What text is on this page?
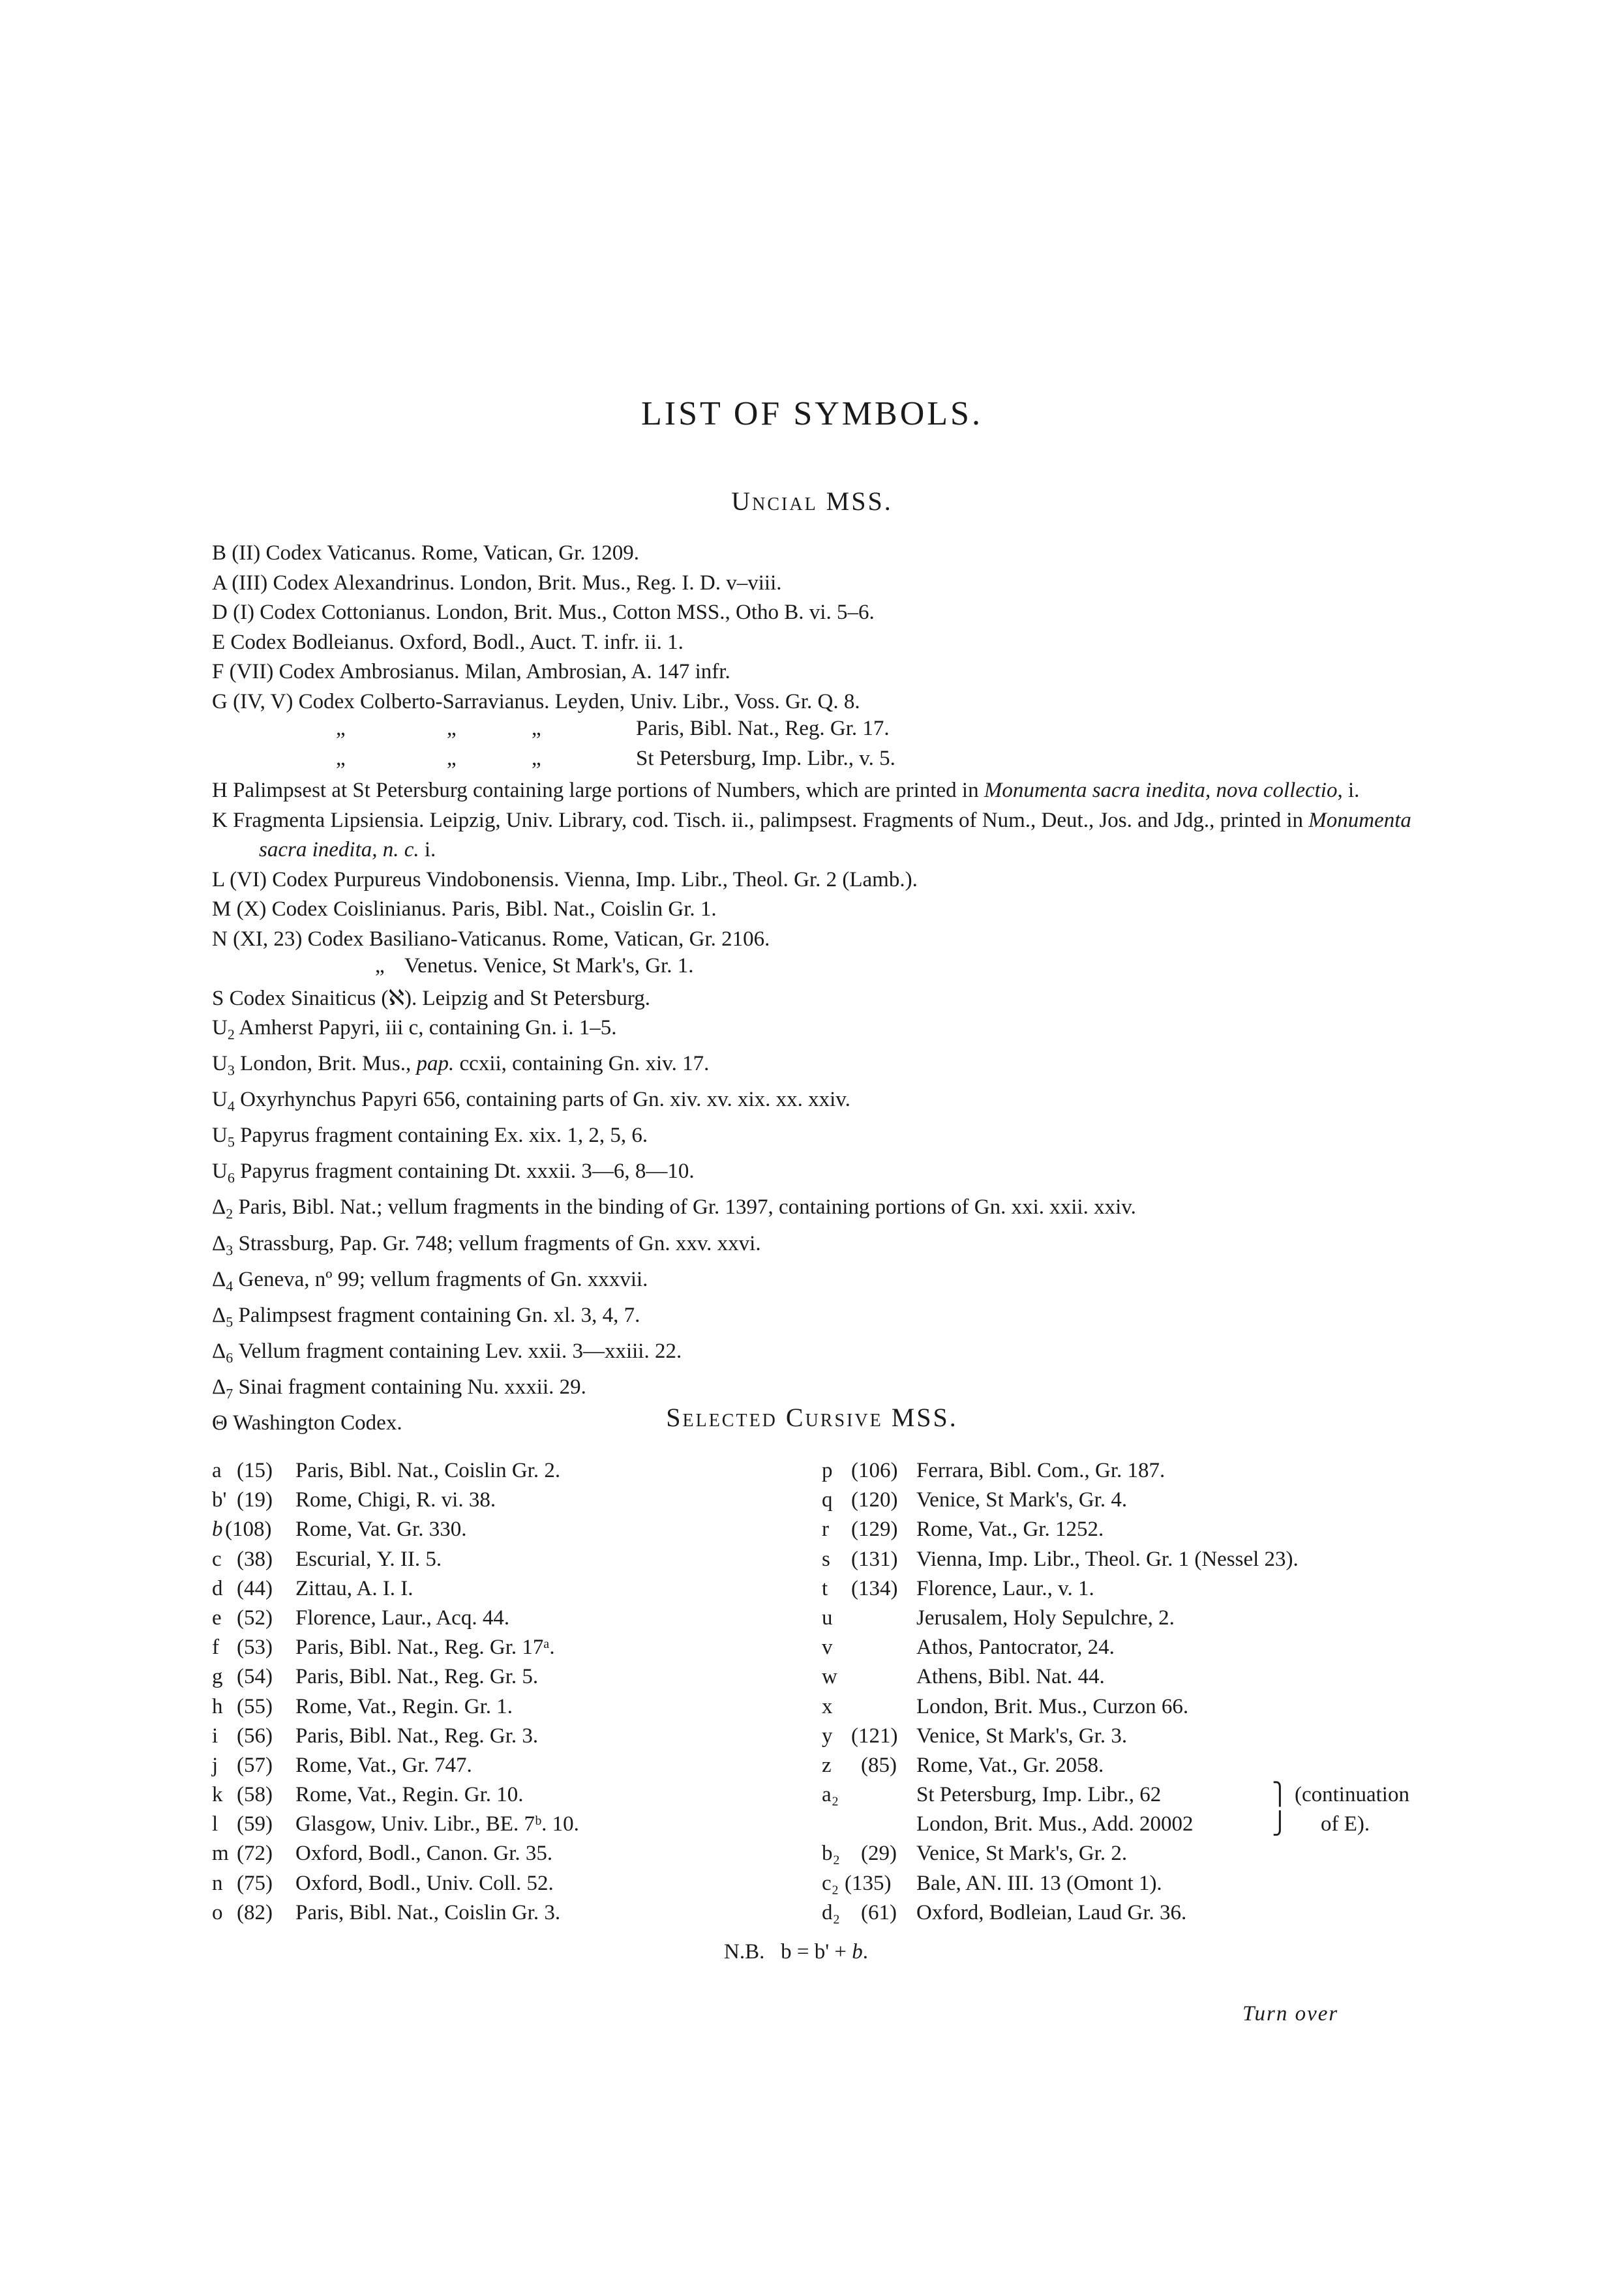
LIST OF SYMBOLS.
Uncial MSS.
B (II) Codex Vaticanus. Rome, Vatican, Gr. 1209.
A (III) Codex Alexandrinus. London, Brit. Mus., Reg. I. D. v–viii.
D (I) Codex Cottonianus. London, Brit. Mus., Cotton MSS., Otho B. vi. 5–6.
E Codex Bodleianus. Oxford, Bodl., Auct. T. infr. ii. 1.
F (VII) Codex Ambrosianus. Milan, Ambrosian, A. 147 infr.
G (IV, V) Codex Colberto-Sarravianus. Leyden, Univ. Libr., Voss. Gr. Q. 8.
„	„	„	Paris, Bibl. Nat., Reg. Gr. 17.
„	„	„	St Petersburg, Imp. Libr., v. 5.
H Palimpsest at St Petersburg containing large portions of Numbers, which are printed in Monumenta sacra inedita, nova collectio, i.
K Fragmenta Lipsiensia. Leipzig, Univ. Library, cod. Tisch. ii., palimpsest. Fragments of Num., Deut., Jos. and Jdg., printed in Monumenta sacra inedita, n. c. i.
L (VI) Codex Purpureus Vindobonensis. Vienna, Imp. Libr., Theol. Gr. 2 (Lamb.).
M (X) Codex Coislinianus. Paris, Bibl. Nat., Coislin Gr. 1.
N (XI, 23) Codex Basiliano-Vaticanus. Rome, Vatican, Gr. 2106.
„ Venetus. Venice, St Mark's, Gr. 1.
S Codex Sinaiticus (ℵ). Leipzig and St Petersburg.
$U_2$ Amherst Papyri, iii c, containing Gn. i. 1–5.
$U_3$ London, Brit. Mus., pap. ccxii, containing Gn. xiv. 17.
$U_4$ Oxyrhynchus Papyri 656, containing parts of Gn. xiv. xv. xix. xx. xxiv.
$U_5$ Papyrus fragment containing Ex. xix. 1, 2, 5, 6.
$U_6$ Papyrus fragment containing Dt. xxxii. 3—6, 8—10.
$\Delta_2$ Paris, Bibl. Nat.; vellum fragments in the binding of Gr. 1397, containing portions of Gn. xxi. xxii. xxiv.
$\Delta_3$ Strassburg, Pap. Gr. 748; vellum fragments of Gn. xxv. xxvi.
$\Delta_4$ Geneva, nº 99; vellum fragments of Gn. xxxvii.
$\Delta_5$ Palimpsest fragment containing Gn. xl. 3, 4, 7.
$\Delta_6$ Vellum fragment containing Lev. xxii. 3—xxiii. 22.
$\Delta_7$ Sinai fragment containing Nu. xxxii. 29.
Θ Washington Codex.	Selected Cursive MSS.
a (15) Paris, Bibl. Nat., Coislin Gr. 2.
b' (19) Rome, Chigi, R. vi. 38.
b (108) Rome, Vat. Gr. 330.
c (38) Escurial, Υ. II. 5.
d (44) Zittau, A. I. I.
e (52) Florence, Laur., Acq. 44.
f (53) Paris, Bibl. Nat., Reg. Gr. 17ᵃ.
g (54) Paris, Bibl. Nat., Reg. Gr. 5.
h (55) Rome, Vat., Regin. Gr. 1.
i (56) Paris, Bibl. Nat., Reg. Gr. 3.
j (57) Rome, Vat., Gr. 747.
k (58) Rome, Vat., Regin. Gr. 10.
l (59) Glasgow, Univ. Libr., BE. 7ᵇ. 10.
m (72) Oxford, Bodl., Canon. Gr. 35.
n (75) Oxford, Bodl., Univ. Coll. 52.
o (82) Paris, Bibl. Nat., Coislin Gr. 3.
p (106) Ferrara, Bibl. Com., Gr. 187.
q (120) Venice, St Mark's, Gr. 4.
r (129) Rome, Vat., Gr. 1252.
s (131) Vienna, Imp. Libr., Theol. Gr. 1 (Nessel 23).
t (134) Florence, Laur., v. 1.
u	Jerusalem, Holy Sepulchre, 2.
v	Athos, Pantocrator, 24.
w	Athens, Bibl. Nat. 44.
x	London, Brit. Mus., Curzon 66.
y (121) Venice, St Mark's, Gr. 3.
z (85) Rome, Vat., Gr. 2058.
a₂	St Petersburg, Imp. Libr., 62	⎫ (continuation
London, Brit. Mus., Add. 20002	⎭ of E).
b₂ (29) Venice, St Mark's, Gr. 2.
c₂ (135) Bale, AN. III. 13 (Omont 1).
d₂ (61) Oxford, Bodleian, Laud Gr. 36.
N.B. b = b' + b.
Turn over
